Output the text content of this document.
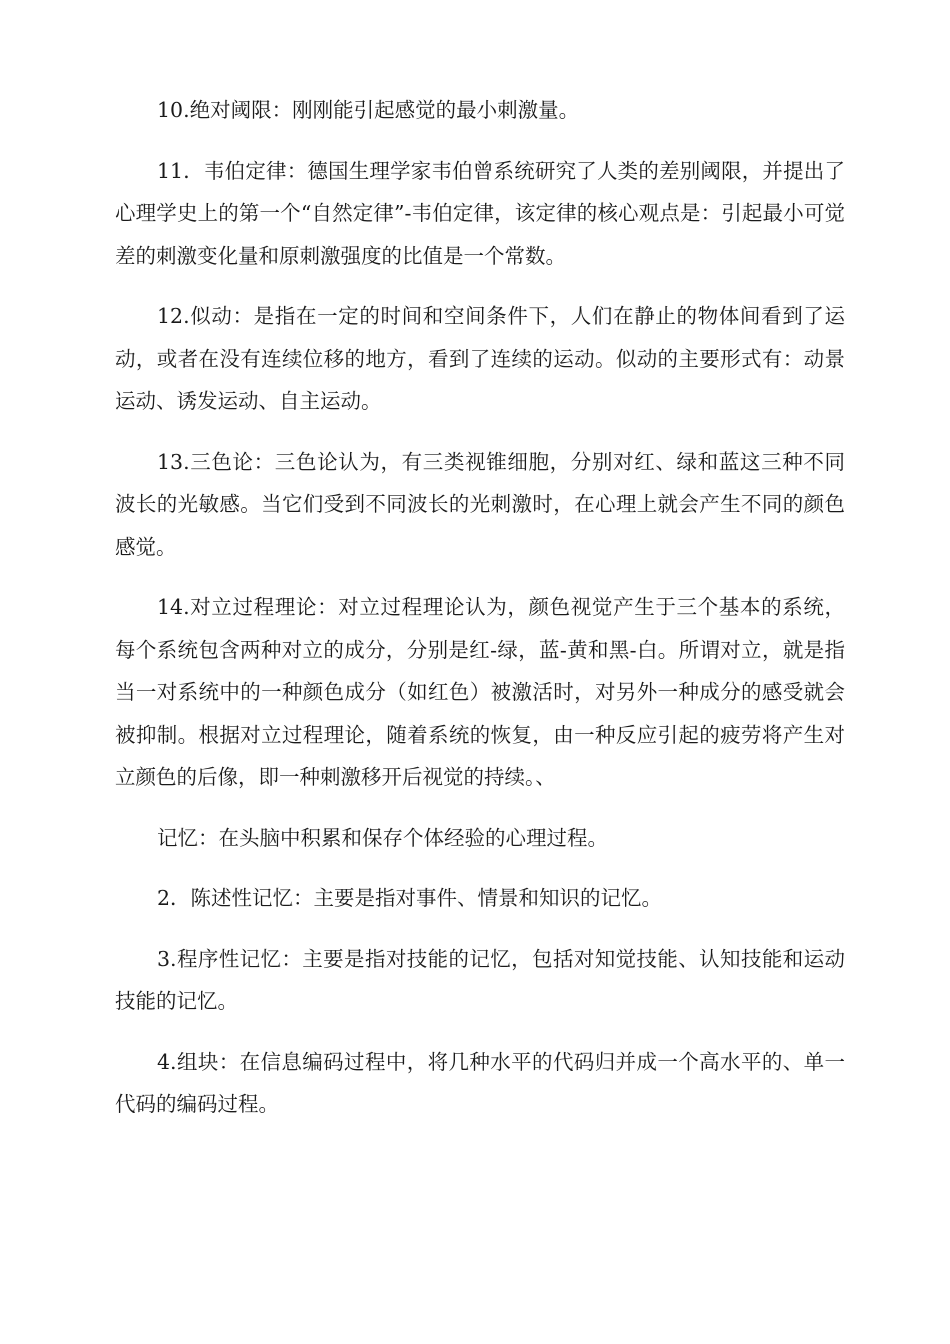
10.绝对阈限：刚刚能引起感觉的最小刺激量。

11．韦伯定律：德国生理学家韦伯曾系统研究了人类的差别阈限，并提出了心理学史上的第一个“自然定律”-韦伯定律，该定律的核心观点是：引起最小可觉差的刺激变化量和原刺激强度的比值是一个常数。

12.似动：是指在一定的时间和空间条件下，人们在静止的物体间看到了运动，或者在没有连续位移的地方，看到了连续的运动。似动的主要形式有：动景运动、诱发运动、自主运动。

13.三色论：三色论认为，有三类视锥细胞，分别对红、绿和蓝这三种不同波长的光敏感。当它们受到不同波长的光刺激时，在心理上就会产生不同的颜色感觉。

14.对立过程理论：对立过程理论认为，颜色视觉产生于三个基本的系统，每个系统包含两种对立的成分，分别是红-绿，蓝-黄和黑-白。所谓对立，就是指当一对系统中的一种颜色成分（如红色）被激活时，对另外一种成分的感受就会被抑制。根据对立过程理论，随着系统的恢复，由一种反应引起的疲劳将产生对立颜色的后像，即一种刺激移开后视觉的持续。、

记忆：在头脑中积累和保存个体经验的心理过程。

2．陈述性记忆：主要是指对事件、情景和知识的记忆。

3.程序性记忆：主要是指对技能的记忆，包括对知觉技能、认知技能和运动技能的记忆。

4.组块：在信息编码过程中，将几种水平的代码归并成一个高水平的、单一代码的编码过程。
